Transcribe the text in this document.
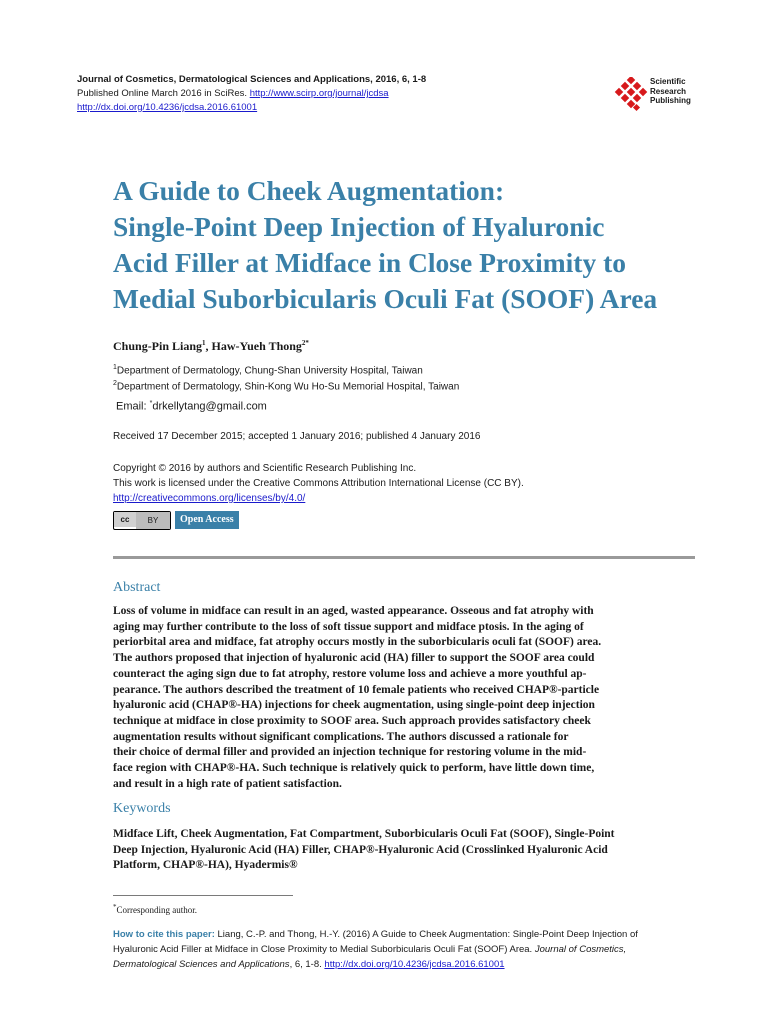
Journal of Cosmetics, Dermatological Sciences and Applications, 2016, 6, 1-8
Published Online March 2016 in SciRes. http://www.scirp.org/journal/jcdsa
http://dx.doi.org/10.4236/jcdsa.2016.61001
Scientific
Research
Publishing
A Guide to Cheek Augmentation:
Single-Point Deep Injection of Hyaluronic
Acid Filler at Midface in Close Proximity to
Medial Suborbicularis Oculi Fat (SOOF) Area
Chung-Pin Liang$^1$, Haw-Yueh Thong$^{2*}$
$^1$Department of Dermatology, Chung-Shan University Hospital, Taiwan
$^2$Department of Dermatology, Shin-Kong Wu Ho-Su Memorial Hospital, Taiwan
Email: *drkellytang@gmail.com
Received 17 December 2015; accepted 1 January 2016; published 4 January 2016
Copyright © 2016 by authors and Scientific Research Publishing Inc.
This work is licensed under the Creative Commons Attribution International License (CC BY).
http://creativecommons.org/licenses/by/4.0/
cc	BY	Open Access
Abstract
Loss of volume in midface can result in an aged, wasted appearance. Osseous and fat atrophy with
aging may further contribute to the loss of soft tissue support and midface ptosis. In the aging of
periorbital area and midface, fat atrophy occurs mostly in the suborbicularis oculi fat (SOOF) area.
The authors proposed that injection of hyaluronic acid (HA) filler to support the SOOF area could
counteract the aging sign due to fat atrophy, restore volume loss and achieve a more youthful ap-
pearance. The authors described the treatment of 10 female patients who received CHAP®-particle
hyaluronic acid (CHAP®-HA) injections for cheek augmentation, using single-point deep injection
technique at midface in close proximity to SOOF area. Such approach provides satisfactory cheek
augmentation results without significant complications. The authors discussed a rationale for
their choice of dermal filler and provided an injection technique for restoring volume in the mid-
face region with CHAP®-HA. Such technique is relatively quick to perform, have little down time,
and result in a high rate of patient satisfaction.
Keywords
Midface Lift, Cheek Augmentation, Fat Compartment, Suborbicularis Oculi Fat (SOOF), Single-Point
Deep Injection, Hyaluronic Acid (HA) Filler, CHAP®-Hyaluronic Acid (Crosslinked Hyaluronic Acid
Platform, CHAP®-HA), Hyadermis®
*Corresponding author.
How to cite this paper: Liang, C.-P. and Thong, H.-Y. (2016) A Guide to Cheek Augmentation: Single-Point Deep Injection of
Hyaluronic Acid Filler at Midface in Close Proximity to Medial Suborbicularis Oculi Fat (SOOF) Area. Journal of Cosmetics,
Dermatological Sciences and Applications, 6, 1-8. http://dx.doi.org/10.4236/jcdsa.2016.61001
